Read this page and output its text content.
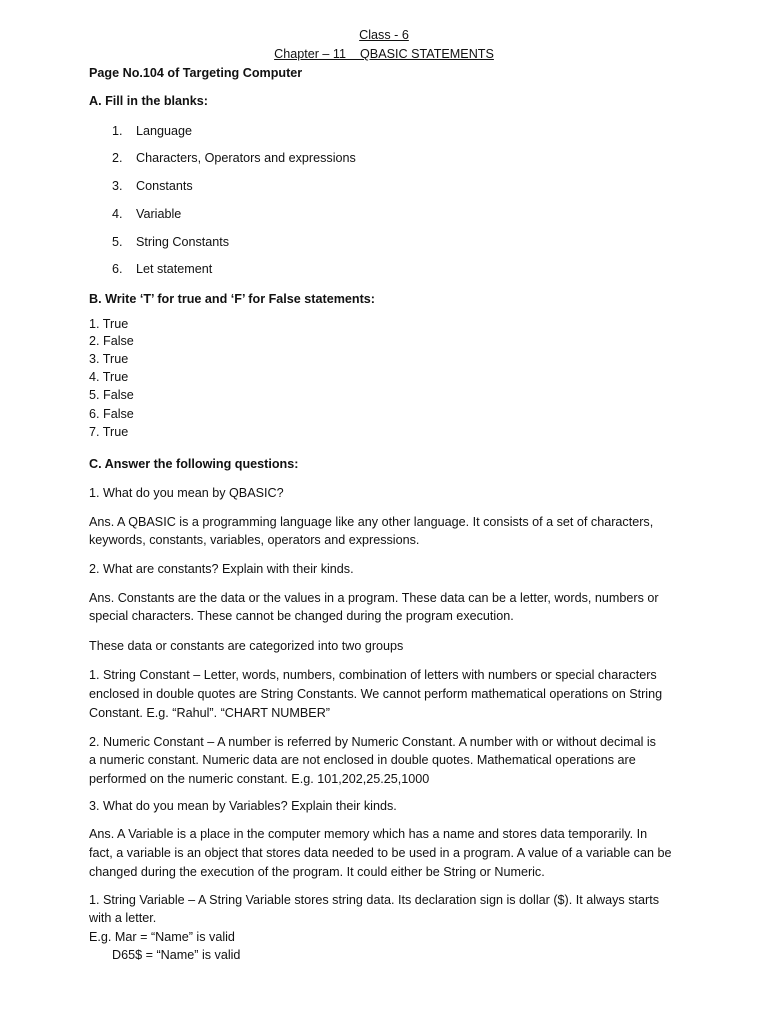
Class - 6
Chapter – 11 QBASIC STATEMENTS
Page No.104 of Targeting Computer
A. Fill in the blanks:
1. Language
2. Characters, Operators and expressions
3. Constants
4. Variable
5. String Constants
6. Let statement
B. Write ‘T’ for true and ‘F’ for False statements:
1. True
2. False
3. True
4. True
5. False
6. False
7. True
C. Answer the following questions:
1. What do you mean by QBASIC?
Ans. A QBASIC is a programming language like any other language. It consists of a set of characters,
keywords, constants, variables, operators and expressions.
2. What are constants? Explain with their kinds.
Ans. Constants are the data or the values in a program. These data can be a letter, words, numbers or
special characters. These cannot be changed during the program execution.
These data or constants are categorized into two groups
1. String Constant – Letter, words, numbers, combination of letters with numbers or special characters
enclosed in double quotes are String Constants. We cannot perform mathematical operations on String
Constant. E.g. “Rahul”. “CHART NUMBER”
2. Numeric Constant – A number is referred by Numeric Constant. A number with or without decimal is
a numeric constant. Numeric data are not enclosed in double quotes. Mathematical operations are
performed on the numeric constant. E.g. 101,202,25.25,1000
3. What do you mean by Variables? Explain their kinds.
Ans. A Variable is a place in the computer memory which has a name and stores data temporarily. In
fact, a variable is an object that stores data needed to be used in a program. A value of a variable can be
changed during the execution of the program. It could either be String or Numeric.
1. String Variable – A String Variable stores string data. Its declaration sign is dollar ($). It always starts
with a letter.
E.g. Mar = “Name” is valid
D65$ = “Name” is valid
